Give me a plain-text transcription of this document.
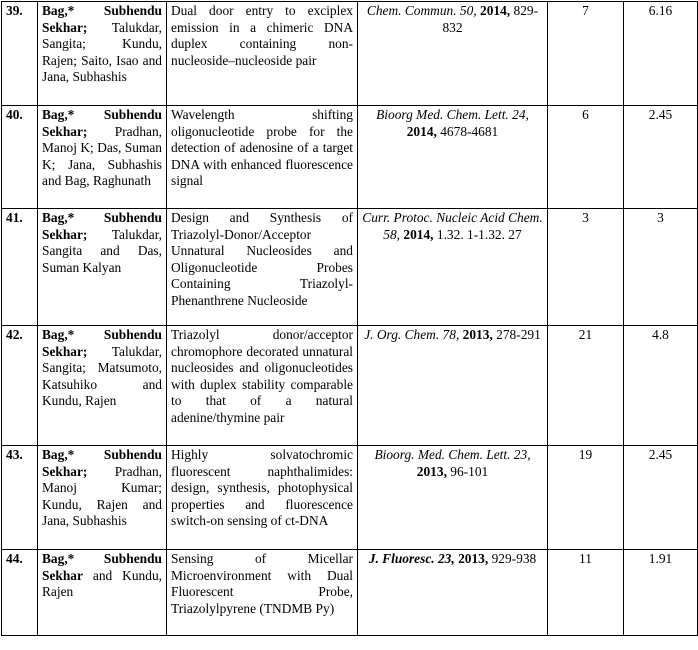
39.	Bag,* Subhendu Sekhar; Talukdar, Sangita; Kundu, Rajen; Saito, Isao and Jana, Subhashis	Dual door entry to exciplex emission in a chimeric DNA duplex containing non-nucleoside–nucleoside pair	Chem. Commun. 50, 2014, 829-832	7	6.16
40.	Bag,* Subhendu Sekhar; Pradhan, Manoj K; Das, Suman K; Jana, Subhashis and Bag, Raghunath	Wavelength shifting oligonucleotide probe for the detection of adenosine of a target DNA with enhanced fluorescence signal	Bioorg Med. Chem. Lett. 24, 2014, 4678-4681	6	2.45
41.	Bag,* Subhendu Sekhar; Talukdar, Sangita and Das, Suman Kalyan	Design and Synthesis of Triazolyl-Donor/Acceptor Unnatural Nucleosides and Oligonucleotide Probes Containing Triazolyl-Phenanthrene Nucleoside	Curr. Protoc. Nucleic Acid Chem. 58, 2014, 1.32. 1-1.32. 27	3	3
42.	Bag,* Subhendu Sekhar; Talukdar, Sangita; Matsumoto, Katsuhiko and Kundu, Rajen	Triazolyl donor/acceptor chromophore decorated unnatural nucleosides and oligonucleotides with duplex stability comparable to that of a natural adenine/thymine pair	J. Org. Chem. 78, 2013, 278-291	21	4.8
43.	Bag,* Subhendu Sekhar; Pradhan, Manoj Kumar; Kundu, Rajen and Jana, Subhashis	Highly solvatochromic fluorescent naphthalimides: design, synthesis, photophysical properties and fluorescence switch-on sensing of ct-DNA	Bioorg. Med. Chem. Lett. 23, 2013, 96-101	19	2.45
44.	Bag,* Subhendu Sekhar and Kundu, Rajen	Sensing of Micellar Microenvironment with Dual Fluorescent Probe, Triazolylpyrene (TNDMB Py)	J. Fluoresc. 23, 2013, 929-938	11	1.91
